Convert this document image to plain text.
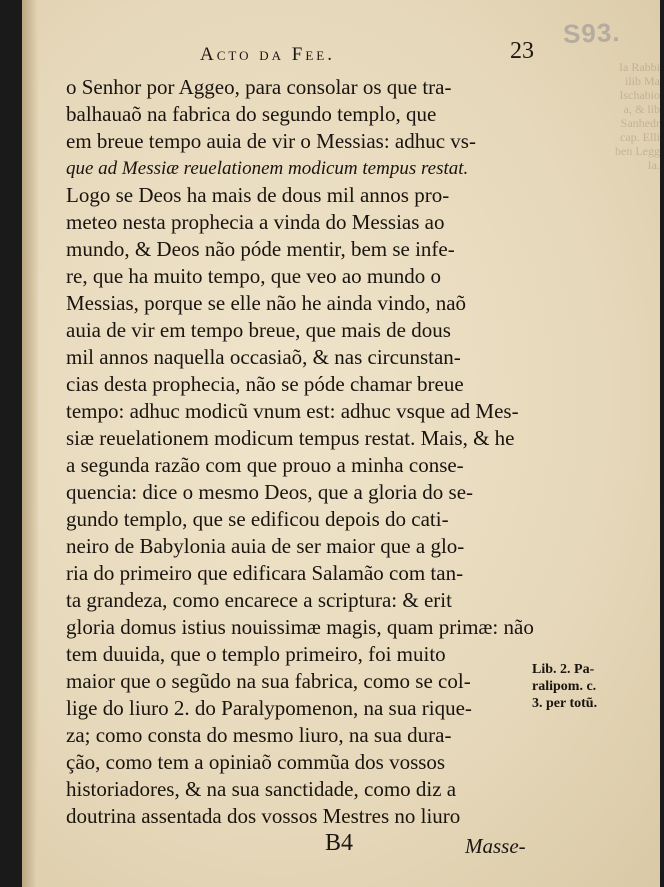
Ia Rabbi
ilib Ma
Ischabio
a, & lib
Sanhedr
cap. Elli
ben Legg
Ia.
S93.
Acto da Fee.	23
o Senhor por Aggeo, para consolar os que tra-
balhauaõ na fabrica do segundo templo, que
em breue tempo auia de vir o Messias: adhuc vs-
que ad Messiæ reuelationem modicum tempus restat.
Logo se Deos ha mais de dous mil annos pro-
meteo nesta prophecia a vinda do Messias ao
mundo, & Deos não póde mentir, bem se infe-
re, que ha muito tempo, que veo ao mundo o
Messias, porque se elle não he ainda vindo, naõ
auia de vir em tempo breue, que mais de dous
mil annos naquella occasiaõ, & nas circunstan-
cias desta prophecia, não se póde chamar breue
tempo: adhuc modicũ vnum est: adhuc vsque ad Mes-
siæ reuelationem modicum tempus restat. Mais, & he
a segunda razão com que prouo a minha conse-
quencia: dice o mesmo Deos, que a gloria do se-
gundo templo, que se edificou depois do cati-
neiro de Babylonia auia de ser maior que a glo-
ria do primeiro que edificara Salamão com tan-
ta grandeza, como encarece a scriptura: & erit
gloria domus istius nouissimæ magis, quam primæ: não
tem duuida, que o templo primeiro, foi muito
maior que o segũdo na sua fabrica, como se col-
lige do liuro 2. do Paralypomenon, na sua rique-
za; como consta do mesmo liuro, na sua dura-
ção, como tem a opiniaõ commũa dos vossos
historiadores, & na sua sanctidade, como diz a
doutrina assentada dos vossos Mestres no liuro
Lib. 2. Pa-
ralipom. c.
3. per totũ.
B4	Masse-
